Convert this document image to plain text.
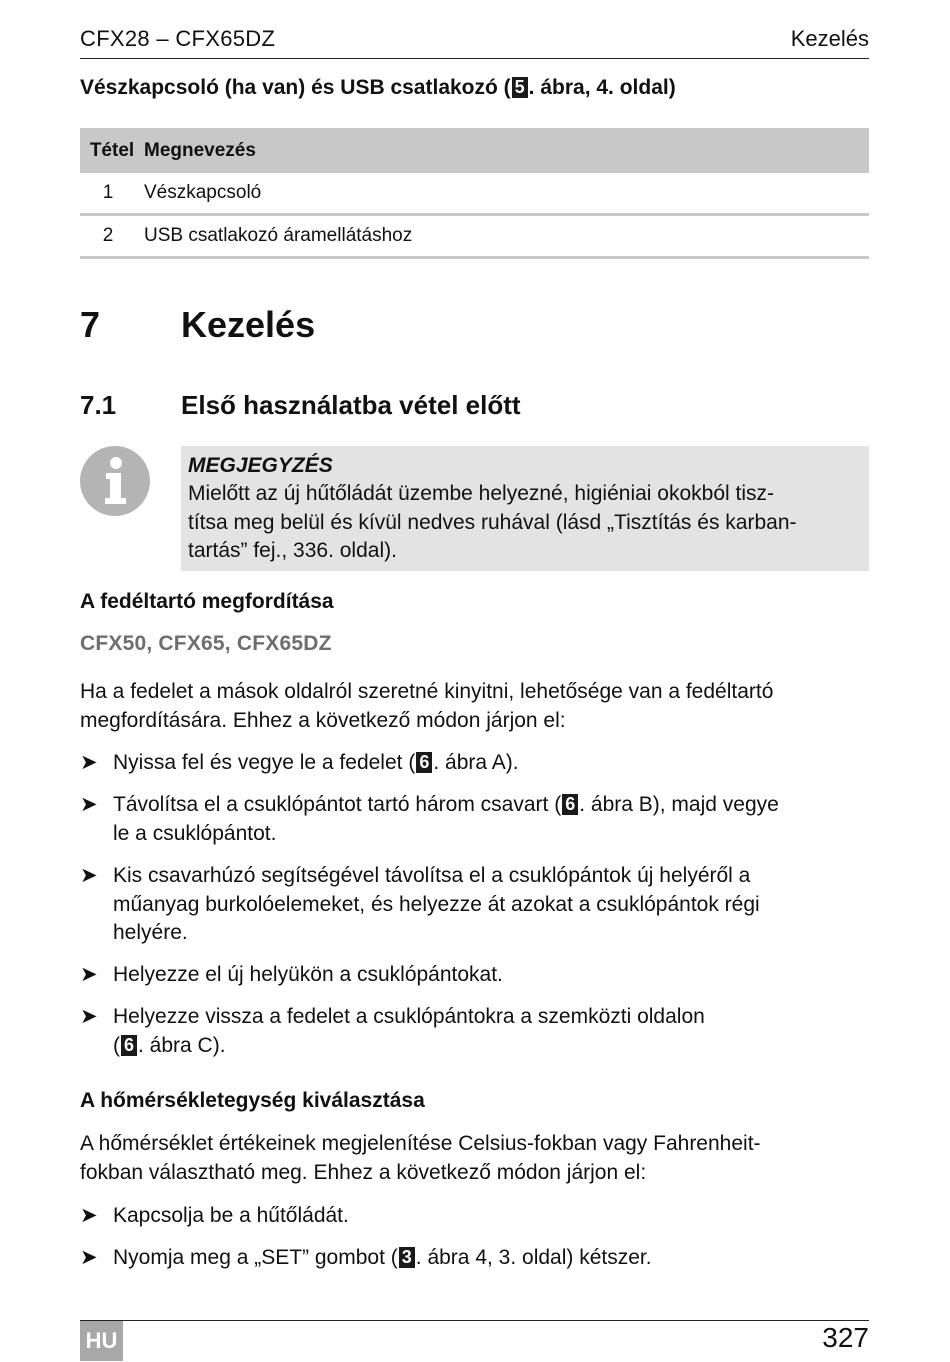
CFX28 – CFX65DZ	Kezelés
Vészkapcsoló (ha van) és USB csatlakozó ( 5 . ábra, 4. oldal)
Tétel Megnevezés
1	Vészkapcsoló
2	USB csatlakozó áramellátáshoz
7 Kezelés
7.1 Első használatba vétel előtt
MEGJEGYZÉS
Mielőtt az új hűtőládát üzembe helyezné, higiéniai okokból tisz-
títsa meg belül és kívül nedves ruhával (lásd „Tisztítás és karban-
tartás” fej., 336. oldal).
A fedéltartó megfordítása
CFX50, CFX65, CFX65DZ
Ha a fedelet a mások oldalról szeretné kinyitni, lehetősége van a fedéltartó
megfordítására. Ehhez a következő módon járjon el:
➤ Nyissa fel és vegye le a fedelet ( 6 . ábra A).
➤ Távolítsa el a csuklópántot tartó három csavart ( 6 . ábra B), majd vegye
le a csuklópántot.
➤ Kis csavarhúzó segítségével távolítsa el a csuklópántok új helyéről a
műanyag burkolóelemeket, és helyezze át azokat a csuklópántok régi
helyére.
➤ Helyezze el új helyükön a csuklópántokat.
➤ Helyezze vissza a fedelet a csuklópántokra a szemközti oldalon
( 6 . ábra C).
A hőmérsékletegység kiválasztása
A hőmérséklet értékeinek megjelenítése Celsius-fokban vagy Fahrenheit-
fokban választható meg. Ehhez a következő módon járjon el:
➤ Kapcsolja be a hűtőládát.
➤ Nyomja meg a „SET” gombot ( 3 . ábra 4, 3. oldal) kétszer.
HU	327
